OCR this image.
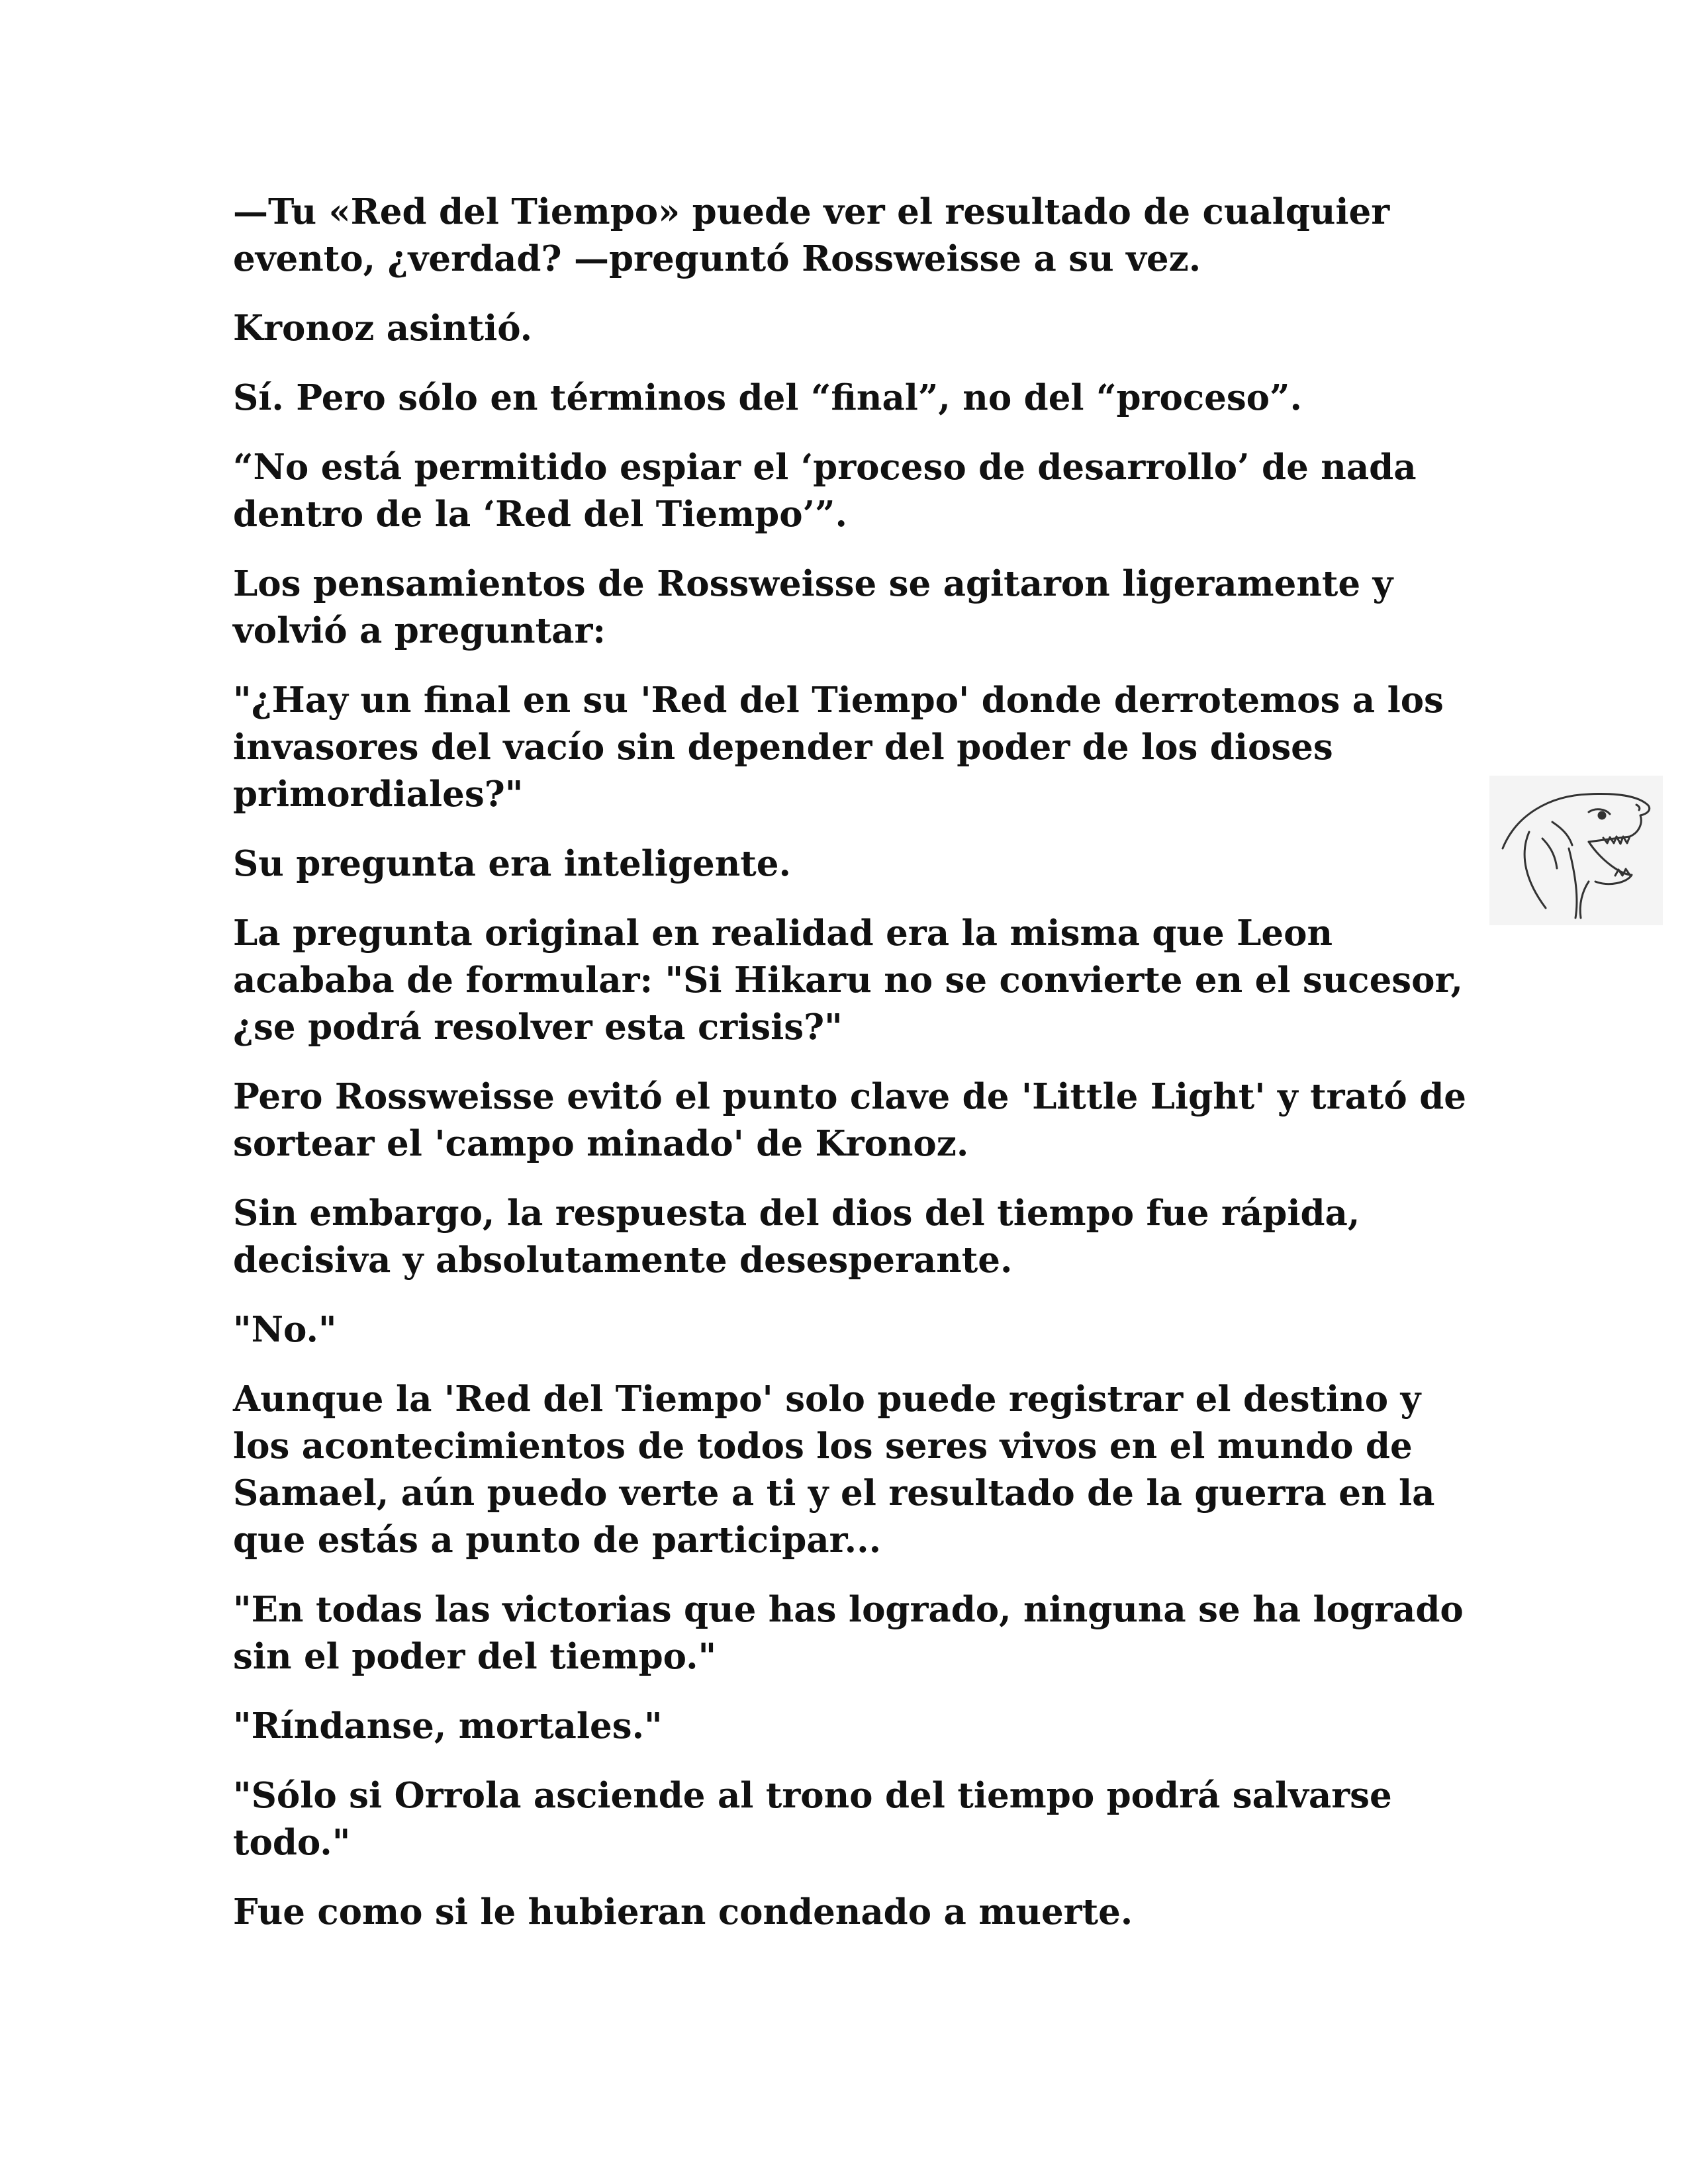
—Tu «Red del Tiempo» puede ver el resultado de cualquier evento, ¿verdad? —preguntó Rossweisse a su vez.

Kronoz asintió.

Sí. Pero sólo en términos del “final”, no del “proceso”.

“No está permitido espiar el ‘proceso de desarrollo’ de nada dentro de la ‘Red del Tiempo’”.

Los pensamientos de Rossweisse se agitaron ligeramente y volvió a preguntar:

"¿Hay un final en su 'Red del Tiempo' donde derrotemos a los invasores del vacío sin depender del poder de los dioses primordiales?"

Su pregunta era inteligente.

La pregunta original en realidad era la misma que Leon acababa de formular: "Si Hikaru no se convierte en el sucesor, ¿se podrá resolver esta crisis?"

Pero Rossweisse evitó el punto clave de 'Little Light' y trató de sortear el 'campo minado' de Kronoz.

Sin embargo, la respuesta del dios del tiempo fue rápida, decisiva y absolutamente desesperante.

"No."

Aunque la 'Red del Tiempo' solo puede registrar el destino y los acontecimientos de todos los seres vivos en el mundo de Samael, aún puedo verte a ti y el resultado de la guerra en la que estás a punto de participar...

"En todas las victorias que has logrado, ninguna se ha logrado sin el poder del tiempo."

"Ríndanse, mortales."

"Sólo si Orrola asciende al trono del tiempo podrá salvarse todo."

Fue como si le hubieran condenado a muerte.
